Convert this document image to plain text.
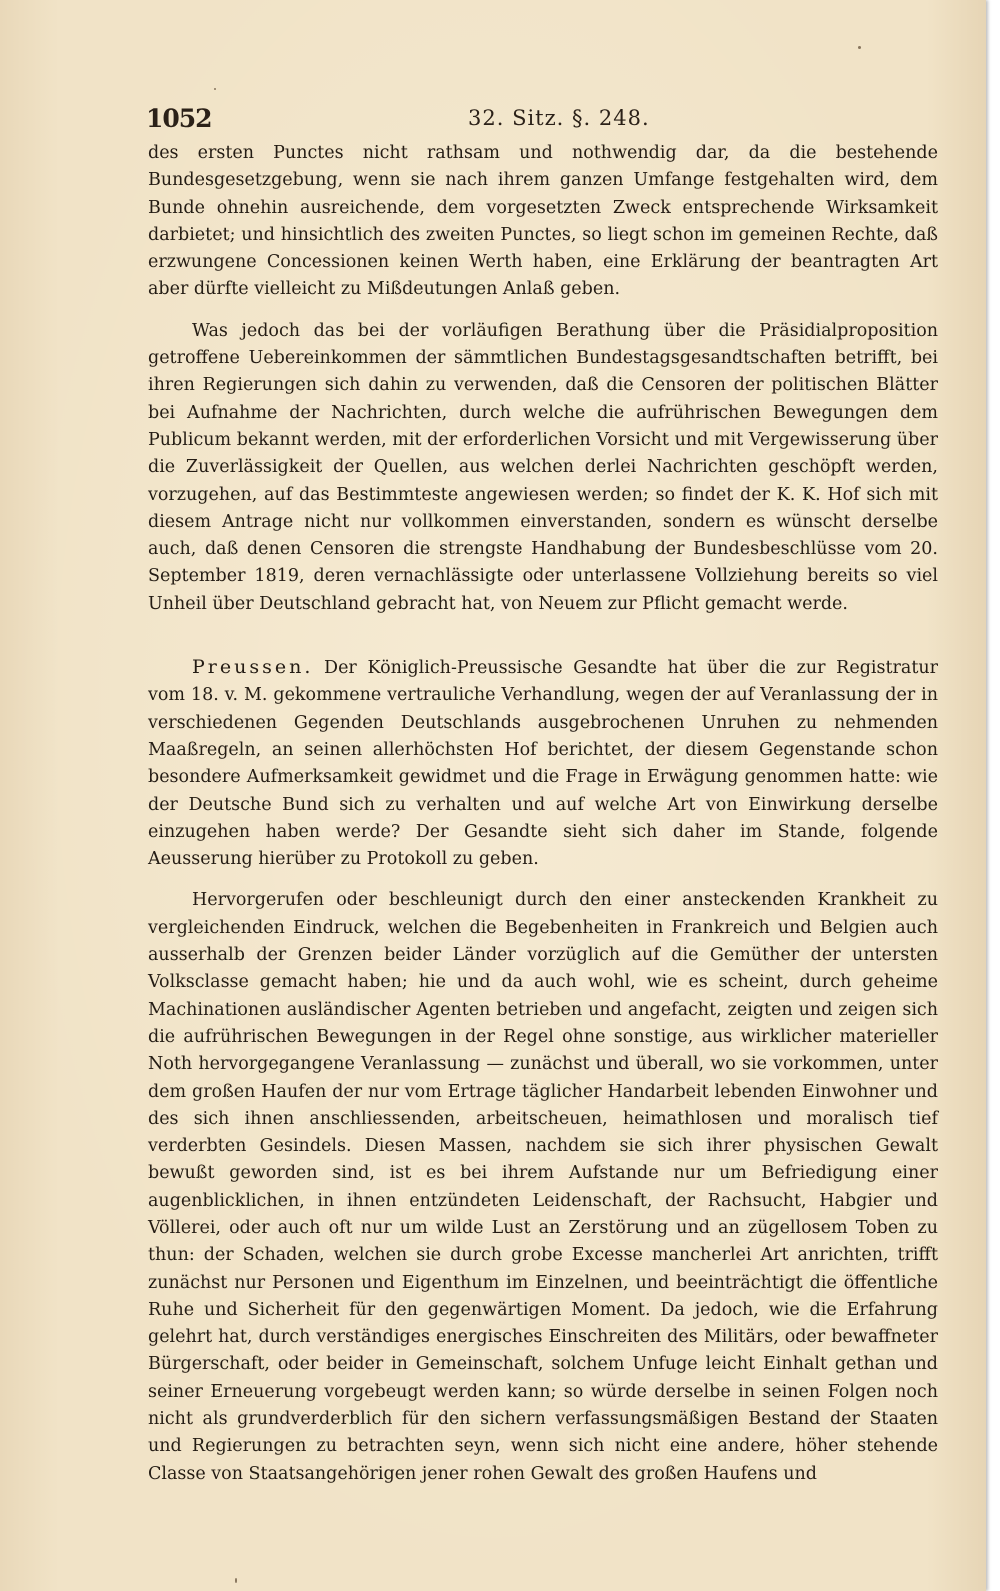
1052	32. Sitz. §. 248.

des ersten Punctes nicht rathsam und nothwendig dar, da die bestehende Bundesgesetzgebung, wenn sie nach ihrem ganzen Umfange festgehalten wird, dem Bunde ohnehin ausreichende, dem vorgesetzten Zweck entsprechende Wirksamkeit darbietet; und hinsichtlich des zweiten Punctes, so liegt schon im gemeinen Rechte, daß erzwungene Concessionen keinen Werth haben, eine Erklärung der beantragten Art aber dürfte vielleicht zu Mißdeutungen Anlaß geben.

Was jedoch das bei der vorläufigen Berathung über die Präsidialproposition getroffene Uebereinkommen der sämmtlichen Bundestagsgesandtschaften betrifft, bei ihren Regierungen sich dahin zu verwenden, daß die Censoren der politischen Blätter bei Aufnahme der Nachrichten, durch welche die aufrührischen Bewegungen dem Publicum bekannt werden, mit der erforderlichen Vorsicht und mit Vergewisserung über die Zuverlässigkeit der Quellen, aus welchen derlei Nachrichten geschöpft werden, vorzugehen, auf das Bestimmteste angewiesen werden; so findet der K. K. Hof sich mit diesem Antrage nicht nur vollkommen einverstanden, sondern es wünscht derselbe auch, daß denen Censoren die strengste Handhabung der Bundesbeschlüsse vom 20. September 1819, deren vernachlässigte oder unterlassene Vollziehung bereits so viel Unheil über Deutschland gebracht hat, von Neuem zur Pflicht gemacht werde.

Preussen. Der Königlich-Preussische Gesandte hat über die zur Registratur vom 18. v. M. gekommene vertrauliche Verhandlung, wegen der auf Veranlassung der in verschiedenen Gegenden Deutschlands ausgebrochenen Unruhen zu nehmenden Maaßregeln, an seinen allerhöchsten Hof berichtet, der diesem Gegenstande schon besondere Aufmerksamkeit gewidmet und die Frage in Erwägung genommen hatte: wie der Deutsche Bund sich zu verhalten und auf welche Art von Einwirkung derselbe einzugehen haben werde? Der Gesandte sieht sich daher im Stande, folgende Aeusserung hierüber zu Protokoll zu geben.

Hervorgerufen oder beschleunigt durch den einer ansteckenden Krankheit zu vergleichenden Eindruck, welchen die Begebenheiten in Frankreich und Belgien auch ausserhalb der Grenzen beider Länder vorzüglich auf die Gemüther der untersten Volksclasse gemacht haben; hie und da auch wohl, wie es scheint, durch geheime Machinationen ausländischer Agenten betrieben und angefacht, zeigten und zeigen sich die aufrührischen Bewegungen in der Regel ohne sonstige, aus wirklicher materieller Noth hervorgegangene Veranlassung — zunächst und überall, wo sie vorkommen, unter dem großen Haufen der nur vom Ertrage täglicher Handarbeit lebenden Einwohner und des sich ihnen anschliessenden, arbeitscheuen, heimathlosen und moralisch tief verderbten Gesindels. Diesen Massen, nachdem sie sich ihrer physischen Gewalt bewußt geworden sind, ist es bei ihrem Aufstande nur um Befriedigung einer augenblicklichen, in ihnen entzündeten Leidenschaft, der Rachsucht, Habgier und Völlerei, oder auch oft nur um wilde Lust an Zerstörung und an zügellosem Toben zu thun: der Schaden, welchen sie durch grobe Excesse mancherlei Art anrichten, trifft zunächst nur Personen und Eigenthum im Einzelnen, und beeinträchtigt die öffentliche Ruhe und Sicherheit für den gegenwärtigen Moment. Da jedoch, wie die Erfahrung gelehrt hat, durch verständiges energisches Einschreiten des Militärs, oder bewaffneter Bürgerschaft, oder beider in Gemeinschaft, solchem Unfuge leicht Einhalt gethan und seiner Erneuerung vorgebeugt werden kann; so würde derselbe in seinen Folgen noch nicht als grundverderblich für den sichern verfassungsmäßigen Bestand der Staaten und Regierungen zu betrachten seyn, wenn sich nicht eine andere, höher stehende Classe von Staatsangehörigen jener rohen Gewalt des großen Haufens und
